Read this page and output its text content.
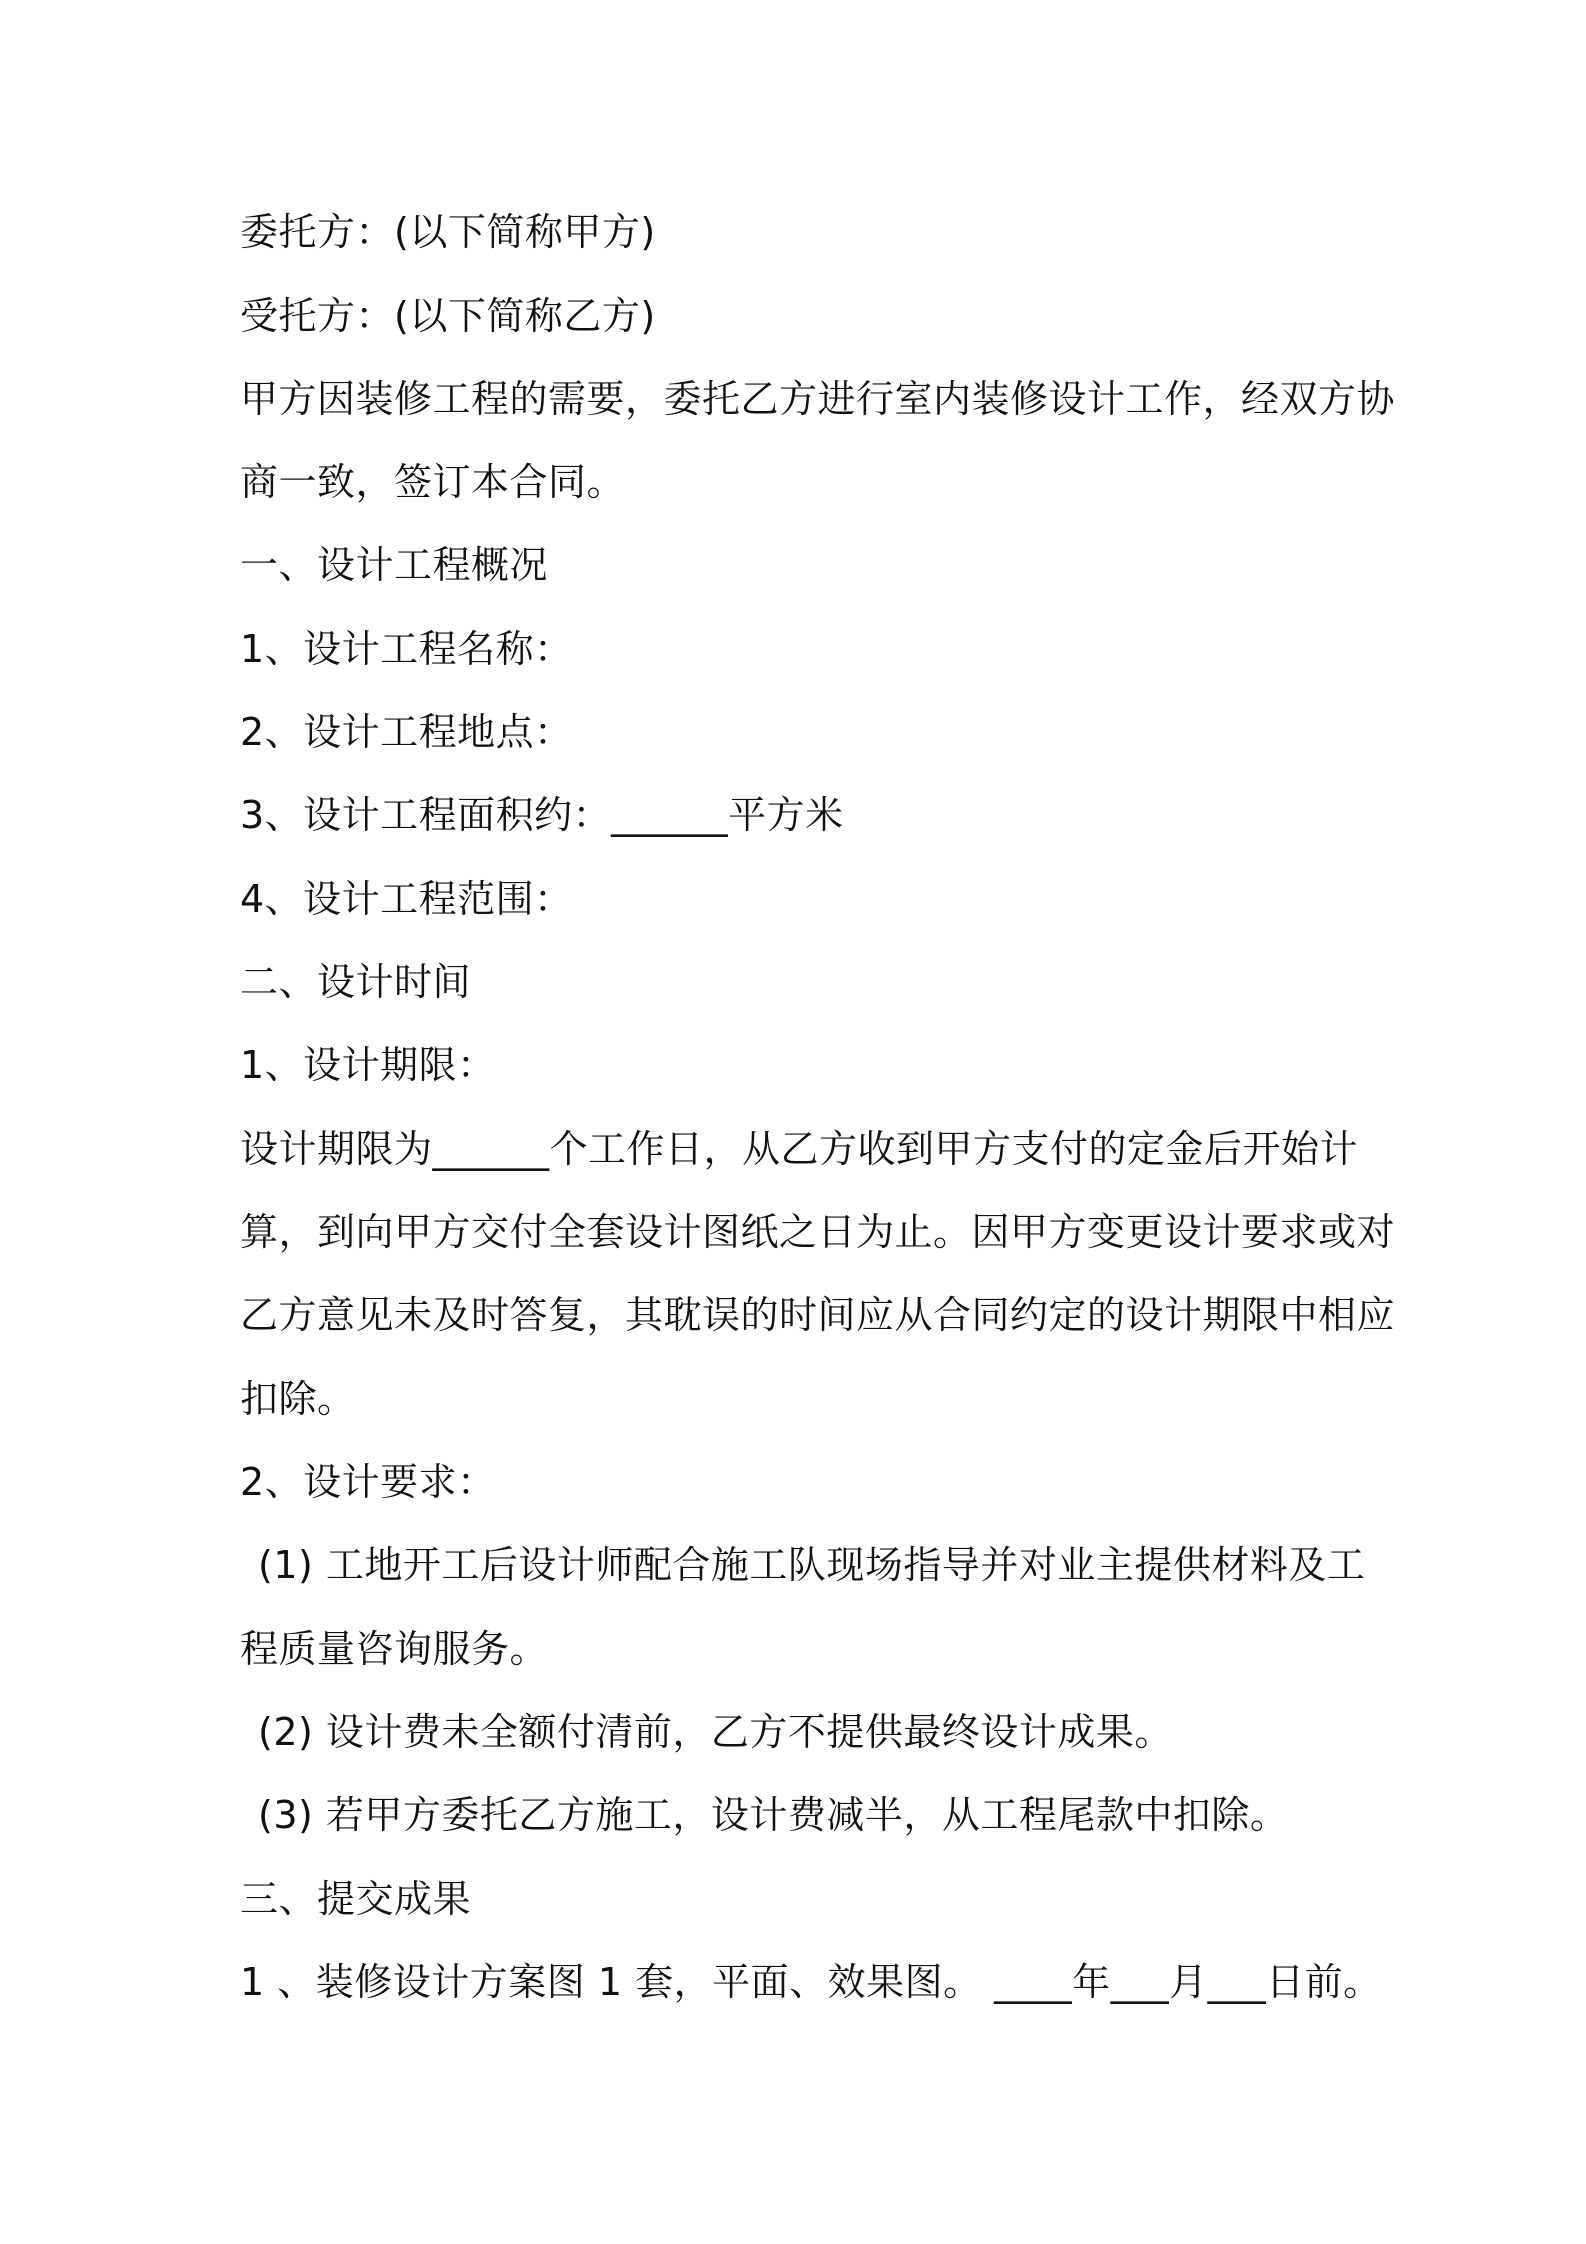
委托方：(以下简称甲方)
受托方：(以下简称乙方)
甲方因装修工程的需要，委托乙方进行室内装修设计工作，经双方协
商一致，签订本合同。
一、设计工程概况
1、设计工程名称：
2、设计工程地点：
3、设计工程面积约：______平方米
4、设计工程范围：
二、设计时间
1、设计期限：
设计期限为______个工作日，从乙方收到甲方支付的定金后开始计
算，到向甲方交付全套设计图纸之日为止。因甲方变更设计要求或对
乙方意见未及时答复，其耽误的时间应从合同约定的设计期限中相应
扣除。
2、设计要求：
(1) 工地开工后设计师配合施工队现场指导并对业主提供材料及工
程质量咨询服务。
(2) 设计费未全额付清前，乙方不提供最终设计成果。
(3) 若甲方委托乙方施工，设计费减半，从工程尾款中扣除。
三、提交成果
1 、装修设计方案图 1 套，平面、效果图。 ____年___月___日前。
